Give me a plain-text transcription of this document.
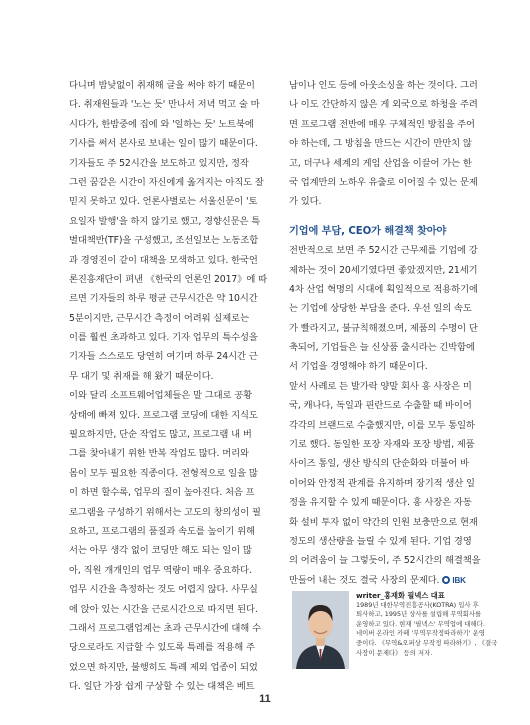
다니며 밤낮없이 취재해 글을 써야 하기 때문이
다. 취재원들과 '노는 듯' 만나서 저녁 먹고 술 마
시다가, 한밤중에 집에 와 '일하는 듯' 노트북에
기사를 써서 본사로 보내는 일이 많기 때문이다.
기자들도 주 52시간을 보도하고 있지만, 정작
그런 꿈같은 시간이 자신에게 옮겨지는 아직도 잘
믿지 못하고 있다. 언론사별로는 서울신문이 '토
요일자 발행'을 하지 않기로 했고, 경향신문은 특
별대책반(TF)을 구성했고, 조선일보는 노동조합
과 경영진이 같이 대책을 모색하고 있다. 한국언
론진흥재단이 펴낸 《한국의 언론인 2017》에 따
르면 기자들의 하루 평균 근무시간은 약 10시간
5분이지만, 근무시간 측정이 어려워 실제로는
이를 훨씬 초과하고 있다. 기자 업무의 특수성을
기자들 스스로도 당연히 여기며 하루 24시간 근
무 대기 및 취재를 해 왔기 때문이다.
이와 달리 소프트웨어업체들은 말 그대로 공황
상태에 빠져 있다. 프로그램 코딩에 대한 지식도
필요하지만, 단순 작업도 많고, 프로그램 내 버
그를 찾아내기 위한 반복 작업도 많다. 머리와
몸이 모두 필요한 직종이다. 전형적으로 일을 많
이 하면 할수록, 업무의 질이 높아진다. 처음 프
로그램을 구성하기 위해서는 고도의 창의성이 필
요하고, 프로그램의 품질과 속도를 높이기 위해
서는 아무 생각 없이 코딩만 해도 되는 일이 많
아, 직원 개개인의 업무 역량이 매우 중요하다.
업무 시간을 측정하는 것도 어렵지 않다. 사무실
에 앉아 있는 시간을 근로시간으로 따지면 된다.
그래서 프로그램업계는 초과 근무시간에 대해 수
당으로라도 지급할 수 있도록 특례를 적용해 주
었으면 하지만, 불행히도 특례 제외 업종이 되었
다. 일단 가장 쉽게 구상할 수 있는 대책은 베트
남이나 인도 등에 아웃소싱을 하는 것이다. 그러
나 이도 간단하지 않은 게 외국으로 하청을 주려
면 프로그램 전반에 매우 구체적인 방침을 주어
야 하는데, 그 방침을 만드는 시간이 만만치 않
고, 더구나 세계의 게임 산업을 이끌어 가는 한
국 업계만의 노하우 유출로 이어질 수 있는 문제
가 있다.
기업에 부담, CEO가 해결책 찾아야
전반적으로 보면 주 52시간 근무제를 기업에 강
제하는 것이 20세기였다면 좋았겠지만, 21세기
4차 산업 혁명의 시대에 획일적으로 적용하기에
는 기업에 상당한 부담을 준다. 우선 일의 속도
가 빨라지고, 불규칙해졌으며, 제품의 수명이 단
축되어, 기업들은 늘 신상품 출시라는 긴박함에
서 기업을 경영해야 하기 때문이다.
앞서 사례로 든 발가락 양말 회사 홍 사장은 미
국, 캐나다, 독일과 핀란드로 수출할 때 바이어
각각의 브랜드로 수출했지만, 이를 모두 통일하
기로 했다. 동일한 포장 자재와 포장 방법, 제품
사이즈 통일, 생산 방식의 단순화와 더불어 바
이어와 안정적 관계를 유지하며 장기적 생산 일
정을 유지할 수 있게 때문이다. 홍 사장은 자동
화 설비 투자 없이 약간의 인원 보충만으로 현재
정도의 생산량을 늘릴 수 있게 된다. 기업 경영
의 어려움이 늘 그렇듯이, 주 52시간의 해결책을
만들어 내는 것도 결국 사장의 문제다. IBK
writer_홍재화 필넥스 대표
1989년 대한무역진흥공사(KOTRA) 입사 후
퇴사하고, 1995년 상사를 설립해 무역회사를
운영하고 있다. 현재 '필넥스' 무역업에 대해다.
네이버 온라인 카페 '무역무작정따라하기' 운영
중이다. 《무역&오퍼상 무작정 따라하기》, 《결국
사장이 문제다》 등의 저자.
11
